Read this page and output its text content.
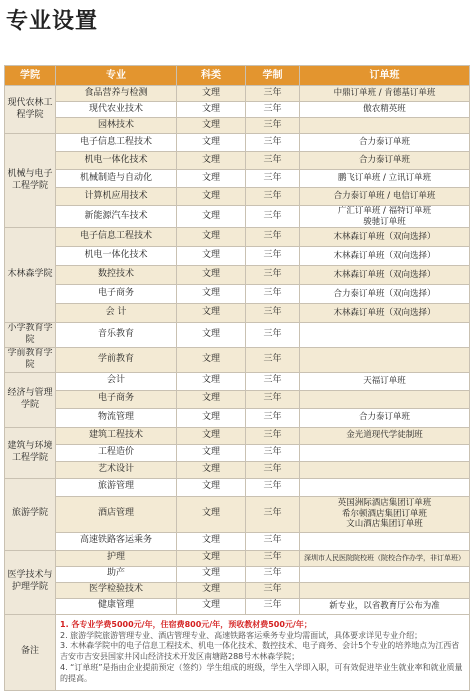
专业设置
学院	专业	科类	学制	订单班
现代农林工程学院	食品营养与检测	文理	三年	中鼎订单班 / 肯德基订单班
	现代农业技术	文理	三年	傲农精英班
	园林技术	文理	三年	
机械与电子工程学院	电子信息工程技术	文理	三年	合力泰订单班
	机电一体化技术	文理	三年	合力泰订单班
	机械制造与自动化	文理	三年	鹏飞订单班 / 立讯订单班
	计算机应用技术	文理	三年	合力泰订单班 / 电信订单班
	新能源汽车技术	文理	三年	广汇订单班 / 福特订单班
骏驰订单班
木林森学院	电子信息工程技术	文理	三年	木林森订单班（双向选择）
	机电一体化技术	文理	三年	木林森订单班（双向选择）
	数控技术	文理	三年	木林森订单班（双向选择）
	电子商务	文理	三年	合力泰订单班（双向选择）
	会 计	文理	三年	木林森订单班（双向选择）
小学教育学院	音乐教育	文理	三年	
学前教育学院	学前教育	文理	三年	
经济与管理学院	会计	文理	三年	天福订单班
	电子商务	文理	三年	
	物流管理	文理	三年	合力泰订单班
建筑与环境工程学院	建筑工程技术	文理	三年	金光道现代学徒制班
	工程造价	文理	三年	
	艺术设计	文理	三年	
旅游学院	旅游管理	文理	三年	
	酒店管理	文理	三年	英国洲际酒店集团订单班
希尔顿酒店集团订单班
文山酒店集团订单班
	高速铁路客运乘务	文理	三年	
医学技术与护理学院	护理	文理	三年	深圳市人民医院院校班（院校合作办学，非订单班）
	助产	文理	三年	
	医学检验技术	文理	三年	
	健康管理	文理	三年	新专业，以省教育厅公布为准
备注	1. 各专业学费5000元/年，住宿费800元/年，预收教材费500元/年；
2. 旅游学院旅游管理专业、酒店管理专业、高速铁路客运乘务专业均需面试，具体要求详见专业介绍；
3. 木林森学院中的电子信息工程技术、机电一体化技术、数控技术、电子商务、会计5个专业的培养地点为江西省吉安市吉安县国家井冈山经济技术开发区南塘路288号木林森学院；
4. “订单班”是指由企业提前预定（签约）学生组成的班级，学生入学即入职，可有效促进毕业生就业率和就业质量的提高。			
